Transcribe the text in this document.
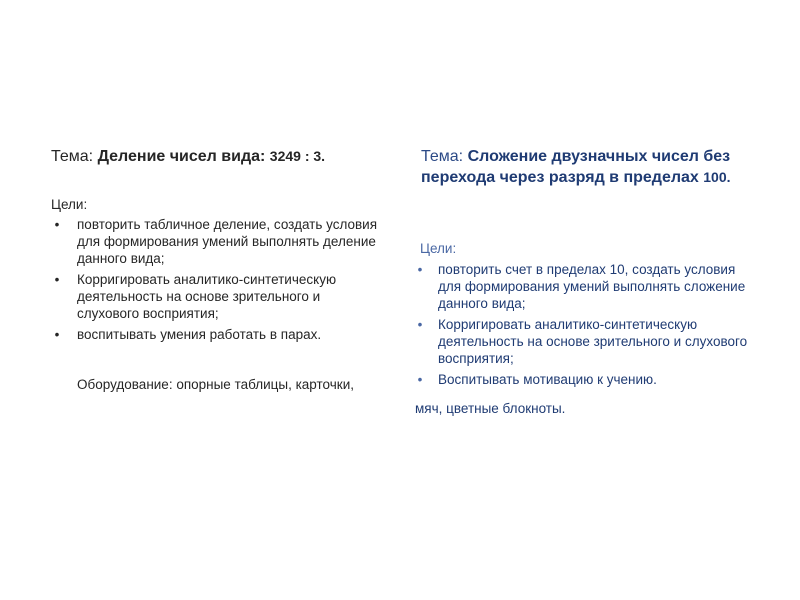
Тема: Деление чисел вида: 3249 : 3.

Цели:

• повторить табличное деление, создать условия для формирования умений выполнять деление данного вида;
• Корригировать аналитико-синтетическую деятельность на основе зрительного и слухового восприятия;
• воспитывать умения работать в парах.

Оборудование: опорные таблицы, карточки,

Тема: Сложение двузначных чисел без перехода через разряд в пределах 100.

Цели:

• повторить счет в пределах 10, создать условия для формирования умений выполнять сложение данного вида;
• Корригировать аналитико-синтетическую деятельность на основе зрительного и слухового восприятия;
• Воспитывать мотивацию к учению.

мяч, цветные блокноты.
